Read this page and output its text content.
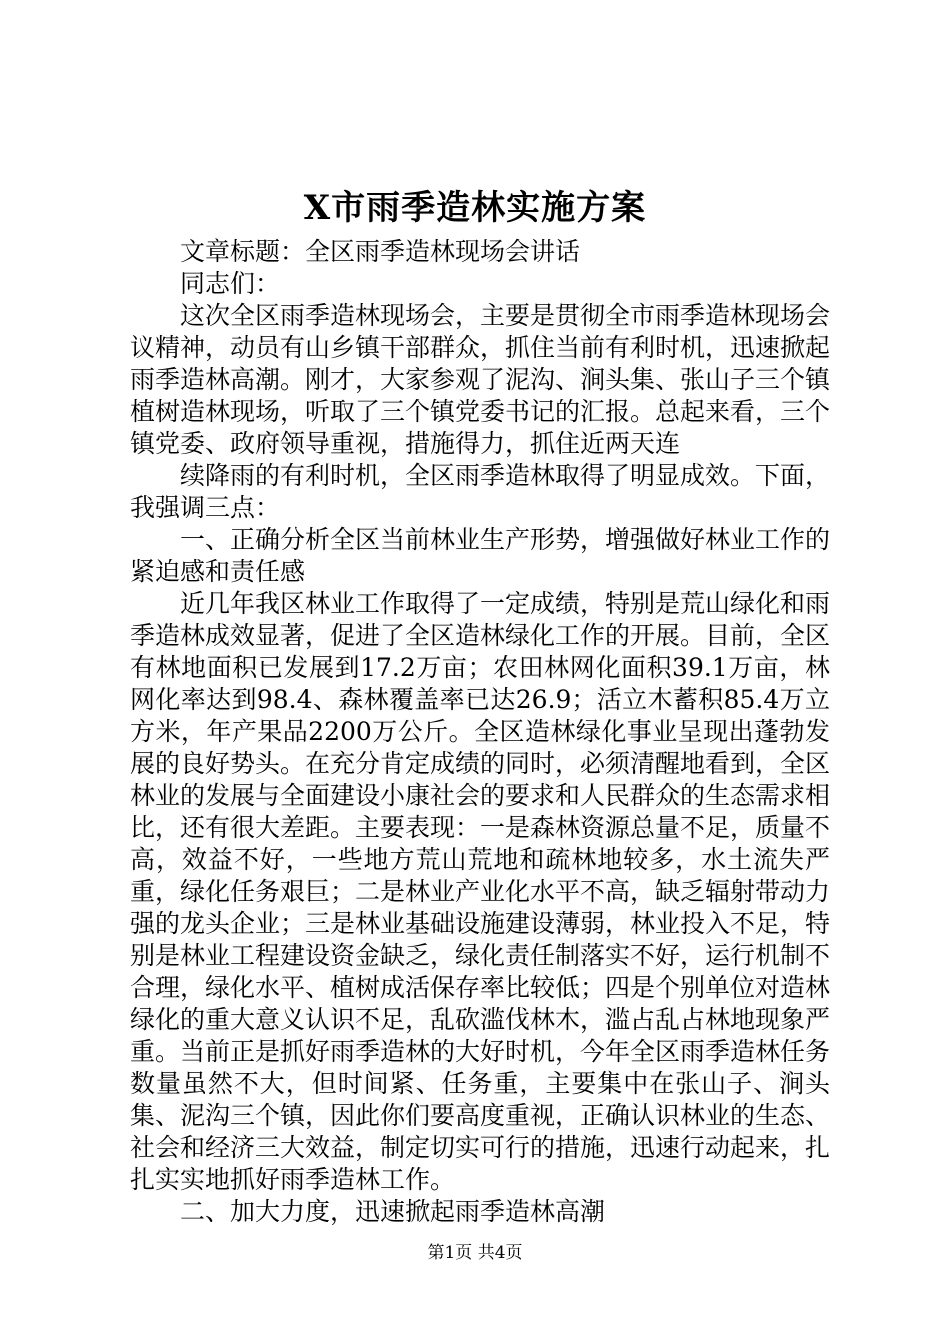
X市雨季造林实施方案

文章标题：全区雨季造林现场会讲话

同志们：

这次全区雨季造林现场会，主要是贯彻全市雨季造林现场会议精神，动员有山乡镇干部群众，抓住当前有利时机，迅速掀起雨季造林高潮。刚才，大家参观了泥沟、涧头集、张山子三个镇植树造林现场，听取了三个镇党委书记的汇报。总起来看，三个镇党委、政府领导重视，措施得力，抓住近两天连

续降雨的有利时机，全区雨季造林取得了明显成效。下面，我强调三点：

一、正确分析全区当前林业生产形势，增强做好林业工作的紧迫感和责任感

近几年我区林业工作取得了一定成绩，特别是荒山绿化和雨季造林成效显著，促进了全区造林绿化工作的开展。目前，全区有林地面积已发展到17.2万亩；农田林网化面积39.1万亩，林网化率达到98.4、森林覆盖率已达26.9；活立木蓄积85.4万立方米，年产果品2200万公斤。全区造林绿化事业呈现出蓬勃发展的良好势头。在充分肯定成绩的同时，必须清醒地看到，全区林业的发展与全面建设小康社会的要求和人民群众的生态需求相比，还有很大差距。主要表现：一是森林资源总量不足，质量不高，效益不好，一些地方荒山荒地和疏林地较多，水土流失严重，绿化任务艰巨；二是林业产业化水平不高，缺乏辐射带动力强的龙头企业；三是林业基础设施建设薄弱，林业投入不足，特别是林业工程建设资金缺乏，绿化责任制落实不好，运行机制不合理，绿化水平、植树成活保存率比较低；四是个别单位对造林绿化的重大意义认识不足，乱砍滥伐林木，滥占乱占林地现象严重。当前正是抓好雨季造林的大好时机，今年全区雨季造林任务数量虽然不大，但时间紧、任务重，主要集中在张山子、涧头集、泥沟三个镇，因此你们要高度重视，正确认识林业的生态、社会和经济三大效益，制定切实可行的措施，迅速行动起来，扎扎实实地抓好雨季造林工作。

二、加大力度，迅速掀起雨季造林高潮

第1页 共4页
